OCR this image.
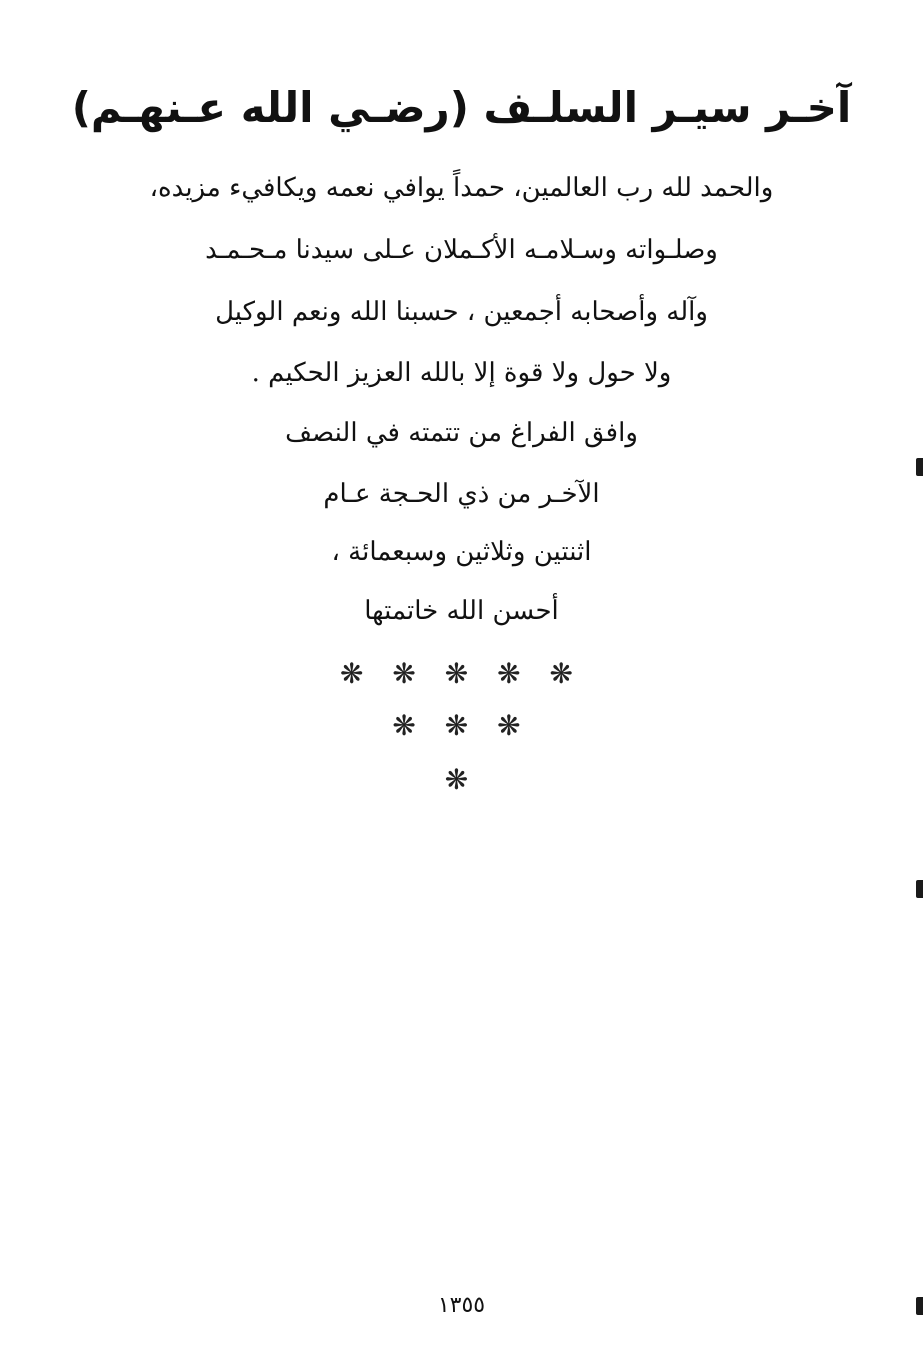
آخـر سيـر السلـف (رضـي الله عـنهـم)

والحمد لله رب العالمين، حمداً يوافي نعمه ويكافيء مزيده،

وصلـواته وسـلامـه الأكـملان عـلى سيدنا مـحـمـد

وآله وأصحابه أجمعين ، حسبنا الله ونعم الوكيل

ولا حول ولا قوة إلا بالله العزيز الحكيم .

وافق الفراغ من تتمته في النصف

الآخـر من ذي الحـجة عـام

اثنتين وثلاثين وسبعمائة ،

أحسن الله خاتمتها

❋ ❋ ❋ ❋ ❋

❋ ❋ ❋

❋

١٣٥٥
